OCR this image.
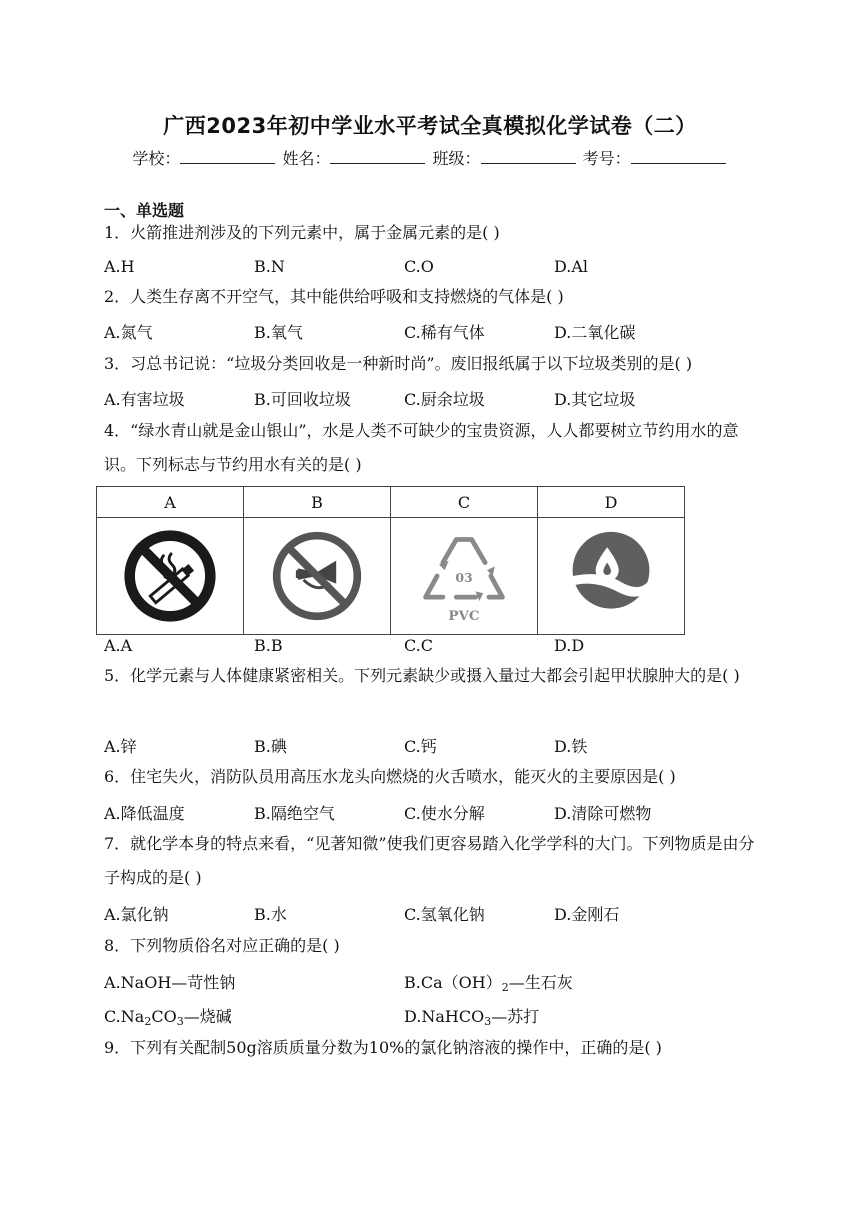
广西2023年初中学业水平考试全真模拟化学试卷（二）
学校：	姓名：	班级：	考号：
一、单选题
1．火箭推进剂涉及的下列元素中，属于金属元素的是( )
A.H	B.N	C.O	D.Al
2．人类生存离不开空气，其中能供给呼吸和支持燃烧的气体是( )
A.氮气	B.氧气	C.稀有气体	D.二氧化碳
3．习总书记说：“垃圾分类回收是一种新时尚”。废旧报纸属于以下垃圾类别的是( )
A.有害垃圾	B.可回收垃圾	C.厨余垃圾	D.其它垃圾
4．“绿水青山就是金山银山”，水是人类不可缺少的宝贵资源，人人都要树立节约用水的意识。下列标志与节约用水有关的是( )
A	B	C	D

03
PVC

A.A	B.B	C.C	D.D
5．化学元素与人体健康紧密相关。下列元素缺少或摄入量过大都会引起甲状腺肿大的是( )
A.锌	B.碘	C.钙	D.铁
6．住宅失火，消防队员用高压水龙头向燃烧的火舌喷水，能灭火的主要原因是( )
A.降低温度	B.隔绝空气	C.使水分解	D.清除可燃物
7．就化学本身的特点来看，“见著知微”使我们更容易踏入化学学科的大门。下列物质是由分子构成的是( )
A.氯化钠	B.水	C.氢氧化钠	D.金刚石
8．下列物质俗名对应正确的是( )
A.NaOH—苛性钠	$B.Ca(OH)_2—$生石灰
$C.Na_2CO_3—$烧碱	D.NaHCO$_3$—苏打
9．下列有关配制50g溶质质量分数为10%的氯化钠溶液的操作中，正确的是( )
